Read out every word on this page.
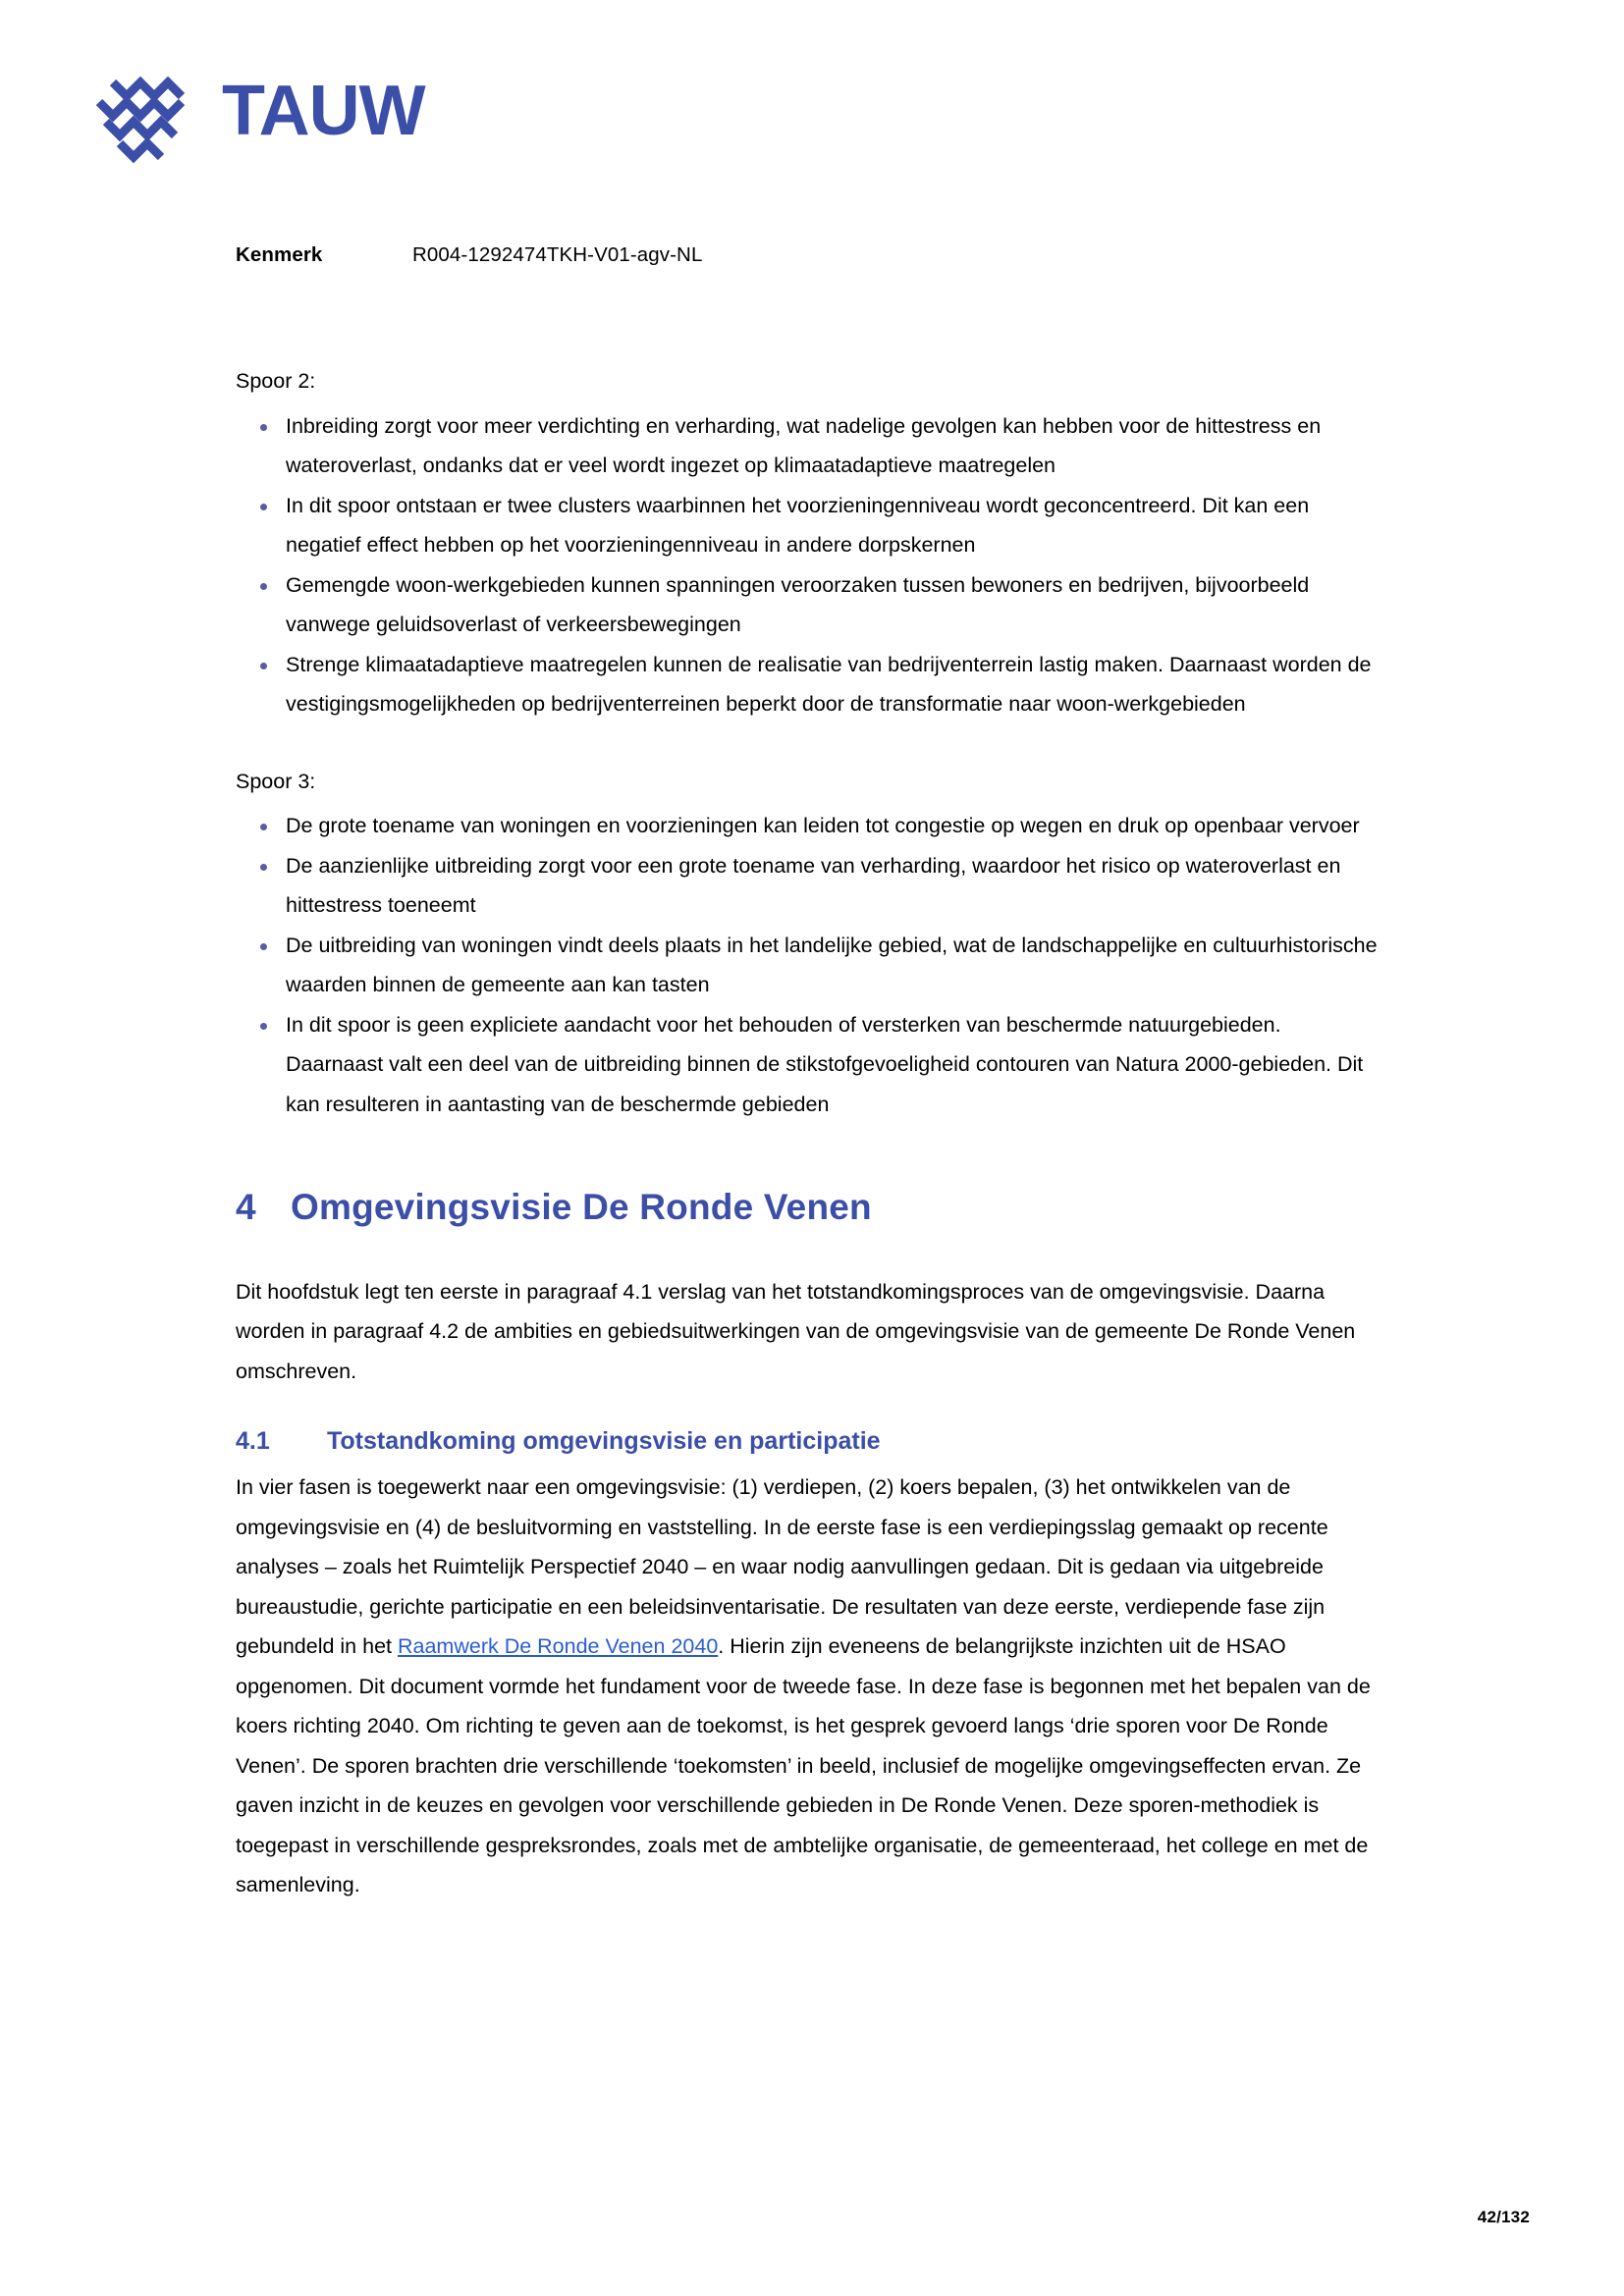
TAUW
Kenmerk	R004-1292474TKH-V01-agv-NL
Spoor 2:
Inbreiding zorgt voor meer verdichting en verharding, wat nadelige gevolgen kan hebben voor de hittestress en wateroverlast, ondanks dat er veel wordt ingezet op klimaatadaptieve maatregelen
In dit spoor ontstaan er twee clusters waarbinnen het voorzieningenniveau wordt geconcentreerd. Dit kan een negatief effect hebben op het voorzieningenniveau in andere dorpskernen
Gemengde woon-werkgebieden kunnen spanningen veroorzaken tussen bewoners en bedrijven, bijvoorbeeld vanwege geluidsoverlast of verkeersbewegingen
Strenge klimaatadaptieve maatregelen kunnen de realisatie van bedrijventerrein lastig maken. Daarnaast worden de vestigingsmogelijkheden op bedrijventerreinen beperkt door de transformatie naar woon-werkgebieden
Spoor 3:
De grote toename van woningen en voorzieningen kan leiden tot congestie op wegen en druk op openbaar vervoer
De aanzienlijke uitbreiding zorgt voor een grote toename van verharding, waardoor het risico op wateroverlast en hittestress toeneemt
De uitbreiding van woningen vindt deels plaats in het landelijke gebied, wat de landschappelijke en cultuurhistorische waarden binnen de gemeente aan kan tasten
In dit spoor is geen expliciete aandacht voor het behouden of versterken van beschermde natuurgebieden. Daarnaast valt een deel van de uitbreiding binnen de stikstofgevoeligheid contouren van Natura 2000-gebieden. Dit kan resulteren in aantasting van de beschermde gebieden
4 Omgevingsvisie De Ronde Venen

Dit hoofdstuk legt ten eerste in paragraaf 4.1 verslag van het totstandkomingsproces van de omgevingsvisie. Daarna worden in paragraaf 4.2 de ambities en gebiedsuitwerkingen van de omgevingsvisie van de gemeente De Ronde Venen omschreven.

4.1	Totstandkoming omgevingsvisie en participatie

In vier fasen is toegewerkt naar een omgevingsvisie: (1) verdiepen, (2) koers bepalen, (3) het ontwikkelen van de omgevingsvisie en (4) de besluitvorming en vaststelling. In de eerste fase is een verdiepingsslag gemaakt op recente analyses – zoals het Ruimtelijk Perspectief 2040 – en waar nodig aanvullingen gedaan. Dit is gedaan via uitgebreide bureaustudie, gerichte participatie en een beleidsinventarisatie. De resultaten van deze eerste, verdiepende fase zijn gebundeld in het Raamwerk De Ronde Venen 2040. Hierin zijn eveneens de belangrijkste inzichten uit de HSAO opgenomen. Dit document vormde het fundament voor de tweede fase. In deze fase is begonnen met het bepalen van de koers richting 2040. Om richting te geven aan de toekomst, is het gesprek gevoerd langs ‘drie sporen voor De Ronde Venen’. De sporen brachten drie verschillende ‘toekomsten’ in beeld, inclusief de mogelijke omgevingseffecten ervan. Ze gaven inzicht in de keuzes en gevolgen voor verschillende gebieden in De Ronde Venen. Deze sporen-methodiek is toegepast in verschillende gespreksrondes, zoals met de ambtelijke organisatie, de gemeenteraad, het college en met de samenleving.

42/132
